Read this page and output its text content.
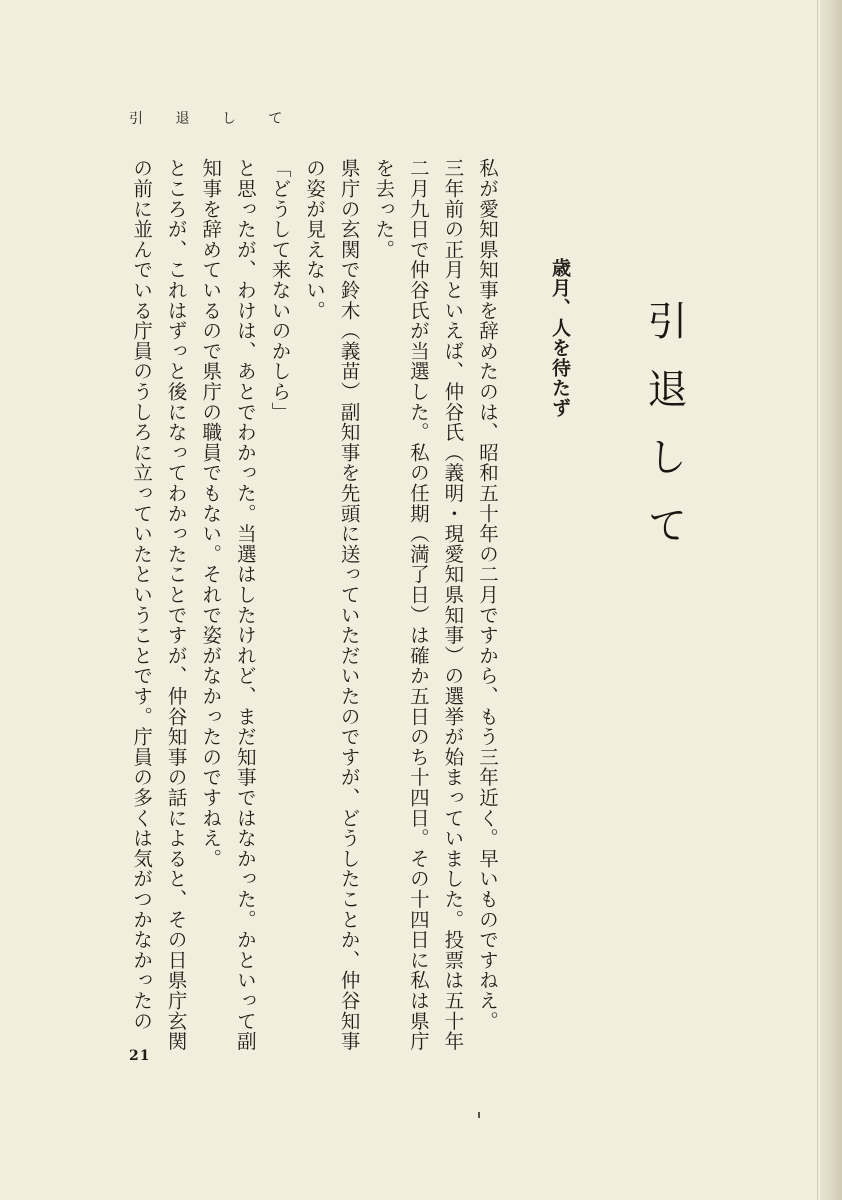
引退して
歳月、人を待たず

私が愛知県知事を辞めたのは、昭和五十年の二月ですから、もう三年近く。早いものですねえ。

三年前の正月といえば、仲谷氏（義明・現愛知県知事）の選挙が始まっていました。投票は五十年二月九日で仲谷氏が当選した。私の任期（満了日）は確か五日のち十四日。その十四日に私は県庁を去った。

県庁の玄関で鈴木（義苗）副知事を先頭に送っていただいたのですが、どうしたことか、仲谷知事の姿が見えない。

「どうして来ないのかしら」

と思ったが、わけは、あとでわかった。当選はしたけれど、まだ知事ではなかった。かといって副知事を辞めているので県庁の職員でもない。それで姿がなかったのですねえ。

ところが、これはずっと後になってわかったことですが、仲谷知事の話によると、その日県庁玄関の前に並んでいる庁員のうしろに立っていたということです。庁員の多くは気がつかなかったの

引 退 し て
21
